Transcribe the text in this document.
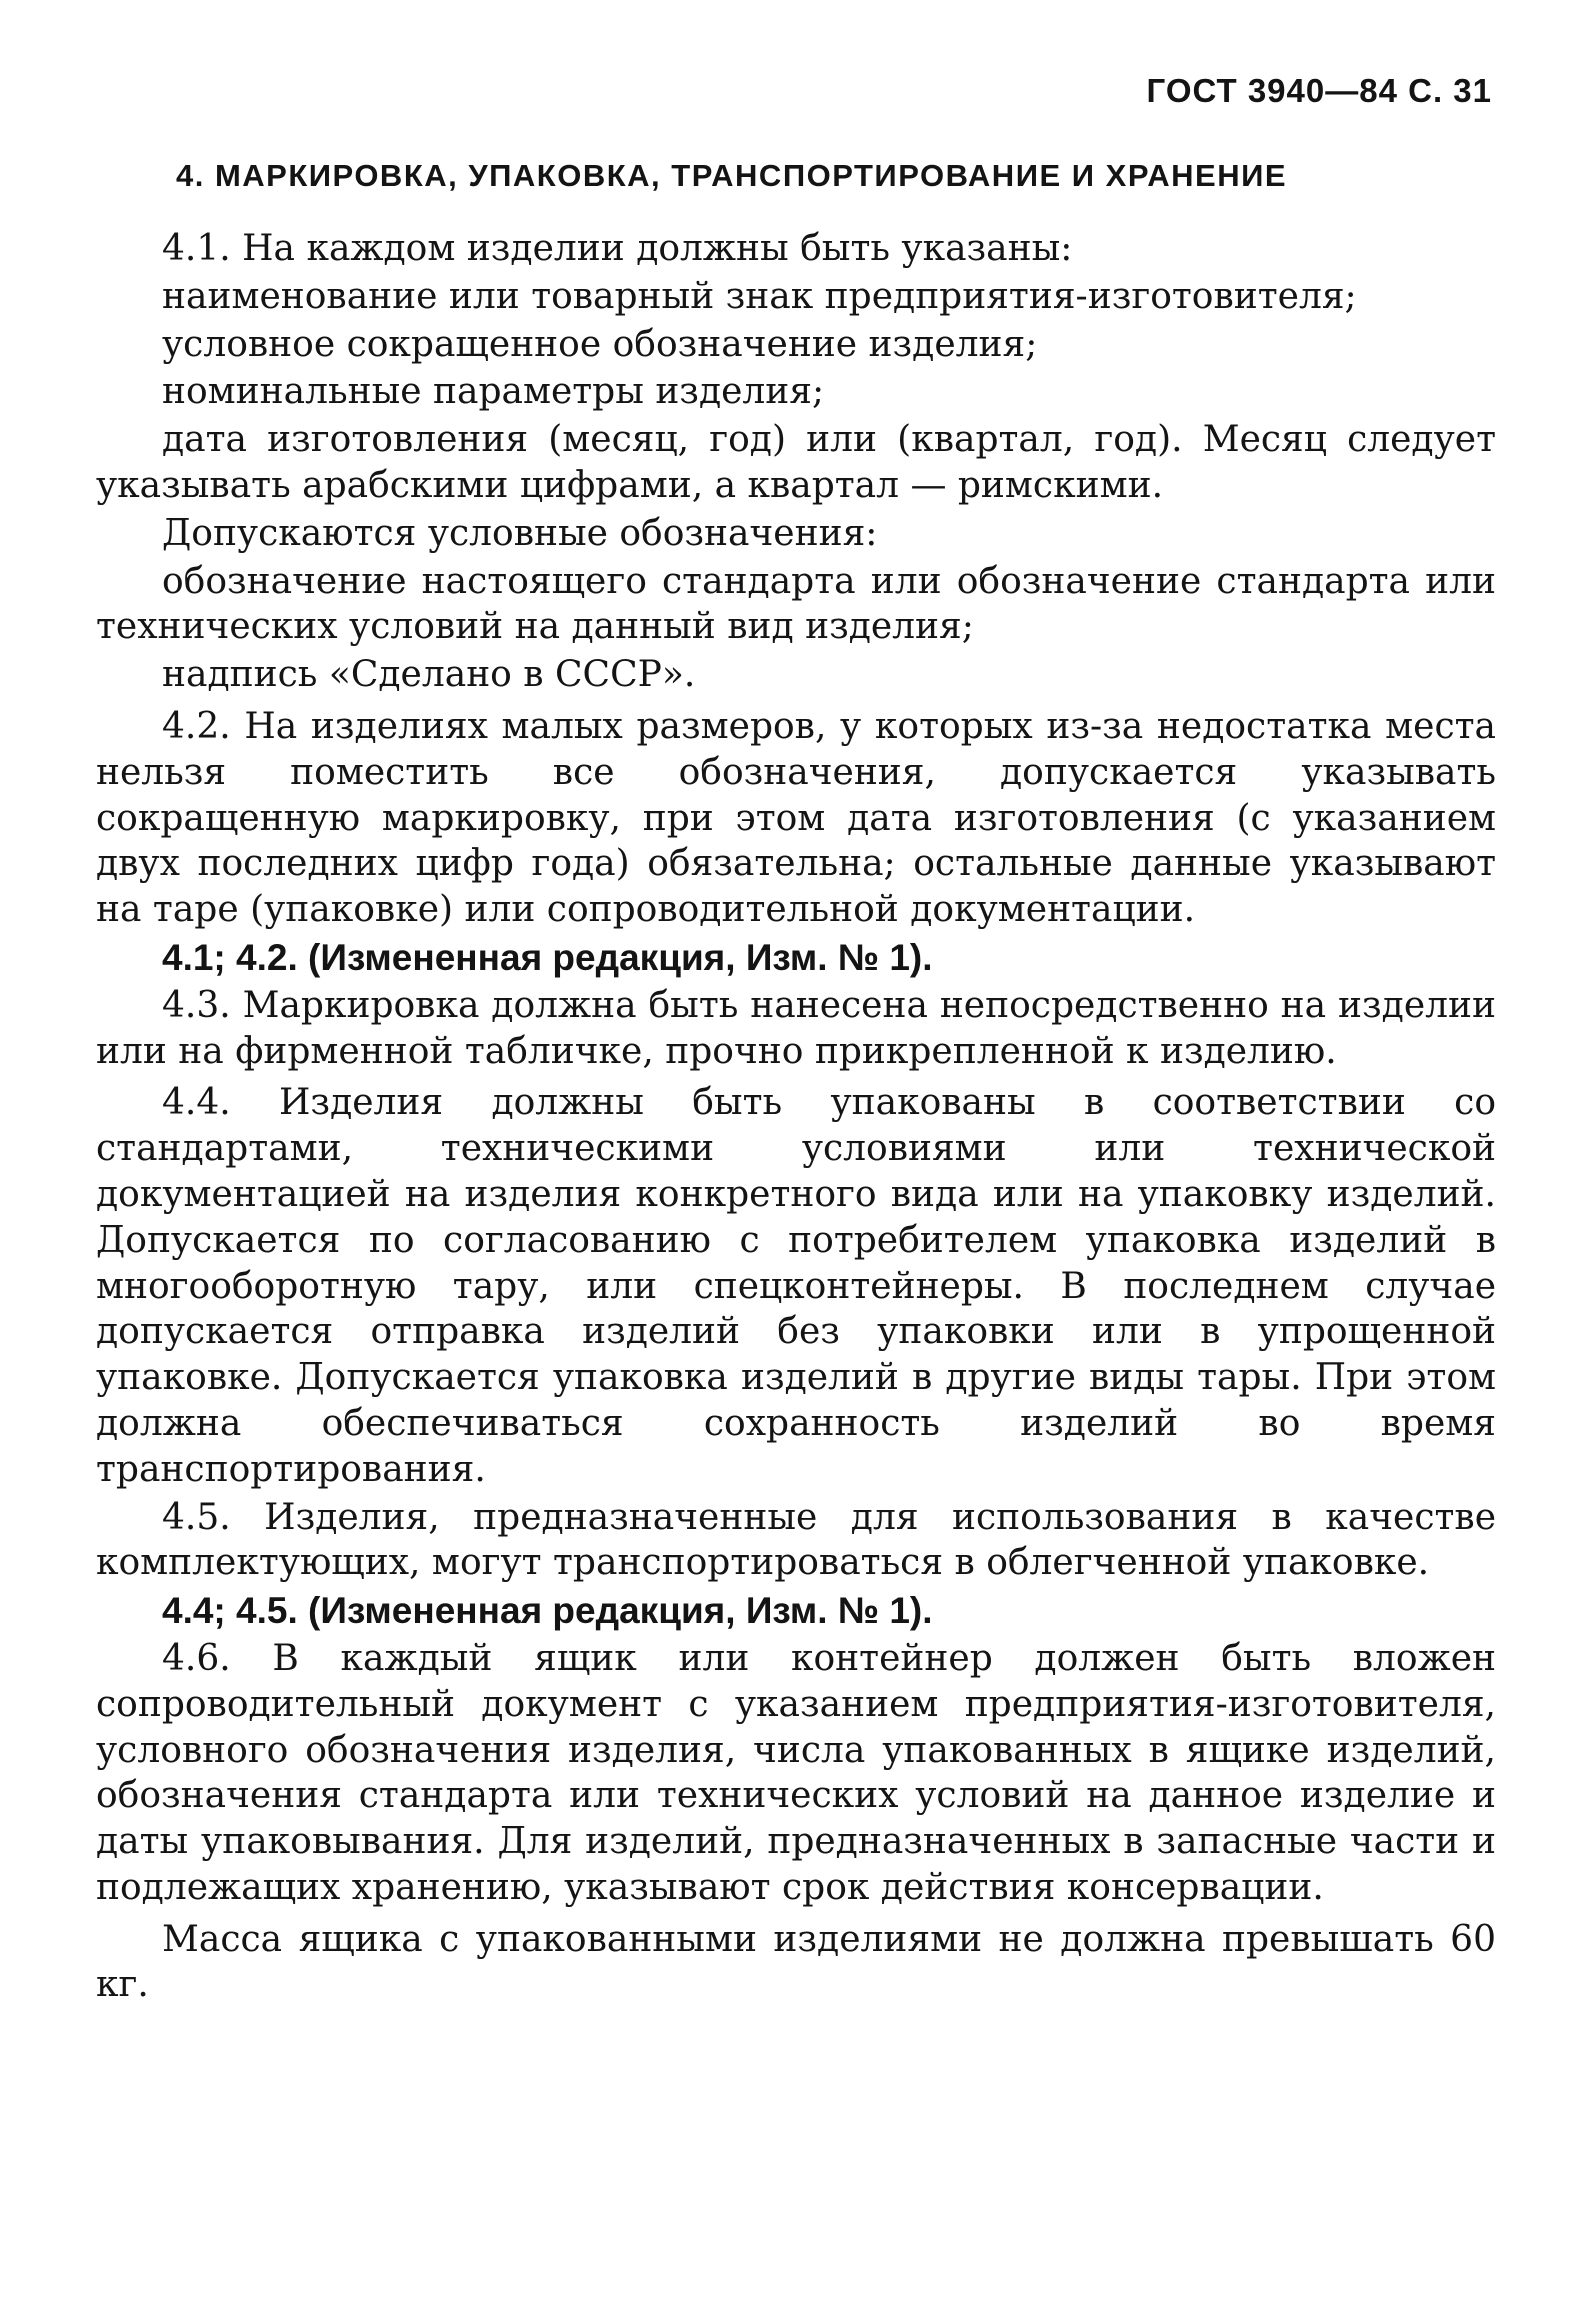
ГОСТ 3940—84 С. 31
4. МАРКИРОВКА, УПАКОВКА, ТРАНСПОРТИРОВАНИЕ И ХРАНЕНИЕ

4.1. На каждом изделии должны быть указаны:

наименование или товарный знак предприятия-изготовителя;

условное сокращенное обозначение изделия;

номинальные параметры изделия;

дата изготовления (месяц, год) или (квартал, год). Месяц следует указывать арабскими цифрами, а квартал — римскими.

Допускаются условные обозначения:

обозначение настоящего стандарта или обозначение стандарта или технических условий на данный вид изделия;

надпись «Сделано в СССР».

4.2. На изделиях малых размеров, у которых из-за недостатка места нельзя поместить все обозначения, допускается указывать сокращенную маркировку, при этом дата изготовления (с указанием двух последних цифр года) обязательна; остальные данные указывают на таре (упаковке) или сопроводительной документации.

4.1; 4.2. (Измененная редакция, Изм. № 1).

4.3. Маркировка должна быть нанесена непосредственно на изделии или на фирменной табличке, прочно прикрепленной к изделию.

4.4. Изделия должны быть упакованы в соответствии со стандартами, техническими условиями или технической документацией на изделия конкретного вида или на упаковку изделий. Допускается по согласованию с потребителем упаковка изделий в многооборотную тару, или спецконтейнеры. В последнем случае допускается отправка изделий без упаковки или в упрощенной упаковке. Допускается упаковка изделий в другие виды тары. При этом должна обеспечиваться сохранность изделий во время транспортирования.

4.5. Изделия, предназначенные для использования в качестве комплектующих, могут транспортироваться в облегченной упаковке.

4.4; 4.5. (Измененная редакция, Изм. № 1).

4.6. В каждый ящик или контейнер должен быть вложен сопроводительный документ с указанием предприятия-изготовителя, условного обозначения изделия, числа упакованных в ящике изделий, обозначения стандарта или технических условий на данное изделие и даты упаковывания. Для изделий, предназначенных в запасные части и подлежащих хранению, указывают срок действия консервации.

Масса ящика с упакованными изделиями не должна превышать 60 кг.
